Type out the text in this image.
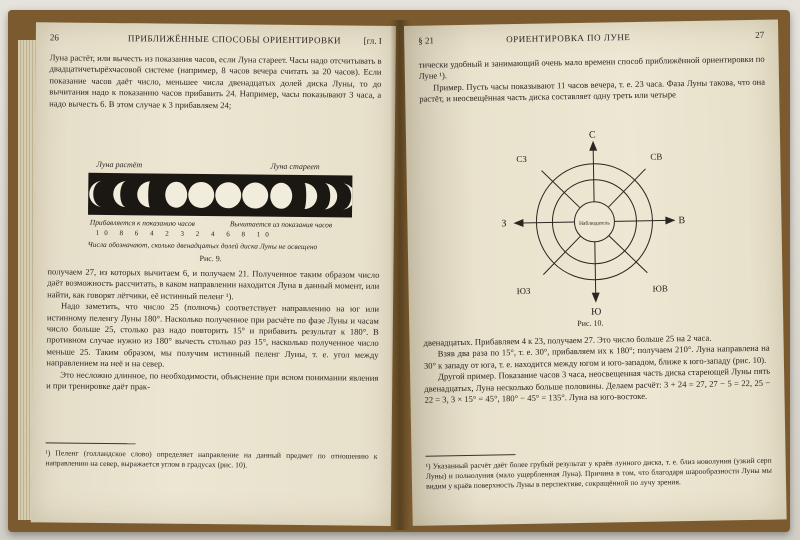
26	ПРИБЛИЖЁННЫЕ СПОСОБЫ ОРИЕНТИРОВКИ [гл. I

Луна растёт, или вычесть из показания часов, если Луна стареет. Часы надо отсчитывать в двадцатичетырёхчасовой системе (например, 8 часов вечера считать за 20 часов). Если показание часов даёт число, меньшее числа двенадцатых долей диска Луны, то до вычитания надо к показанию часов прибавить 24. Например, часы показывают 3 часа, а надо вычесть 6. В этом случае к 3 прибавляем 24;

Луна растёт	Луна стареет
Прибавляется к показанию часов	Вычитается из показания часов
10 8 6 4 2 3 2 4 6 8 10
Числа обозначают, сколько двенадцатых долей диска Луны не освещено
Рис. 9.

получаем 27, из которых вычитаем 6, и получаем 21. Полученное таким образом число даёт возможность рассчитать, в каком направлении находится Луна в данный момент, или найти, как говорят лётчики, её истинный пеленг ¹).

Надо заметить, что число 25 (полночь) соответствует направлению на юг или истинному пеленгу Луны 180°. Насколько полученное при расчёте по фазе Луны и часам число больше 25, столько раз надо повторить 15° и прибавить результат к 180°. В противном случае нужно из 180° вычесть столько раз 15°, насколько полученное число меньше 25. Таким образом, мы получим истинный пеленг Луны, т. е. угол между направлением на неё и на север.

Это несложно длинное, по необходимости, объяснение при ясном понимании явления и при тренировке даёт прак-

¹) Пеленг (голландское слово) определяет направление на данный предмет по отношению к направлению на север, выражается углом в градусах (рис. 10).
§ 21	ОРИЕНТИРОВКА ПО ЛУНЕ	27

тически удобный и занимающий очень мало времени способ приближённой ориентировки по Луне ¹).

Пример. Пусть часы показывают 11 часов вечера, т. е. 23 часа. Фаза Луны такова, что она растёт, и неосвещённая часть диска составляет одну треть или четыре

С
В
Ю
З
СЗ	СВ
ЮЗ	ЮВ
Наблюдатель
Рис. 10.

двенадцатых. Прибавляем 4 к 23, получаем 27. Это число больше 25 на 2 часа.

Взяв два раза по 15°, т. е. 30°, прибавляем их к 180°; получаем 210°. Луна направлена на 30° к западу от юга, т. е. находится между югом и юго-западом, ближе к юго-западу (рис. 10).

Другой пример. Показание часов 3 часа, неосвещенная часть диска стареющей Луны пять двенадцатых, Луна несколько больше половины. Делаем расчёт: 3 + 24 = 27, 27 − 5 = 22, 25 − 22 = 3, 3 × 15° = 45°, 180° − 45° = 135°. Луна на юго-востоке.

¹) Указанный расчёт даёт более грубый результат у краёв лунного диска, т. е. близ новолуния (узкий серп Луны) и полнолуния (мало ущербленная Луна). Причина в том, что благодаря шарообразности Луны мы видим у краёв поверхность Луны в перспективе, сокращённой по лучу зрения.
